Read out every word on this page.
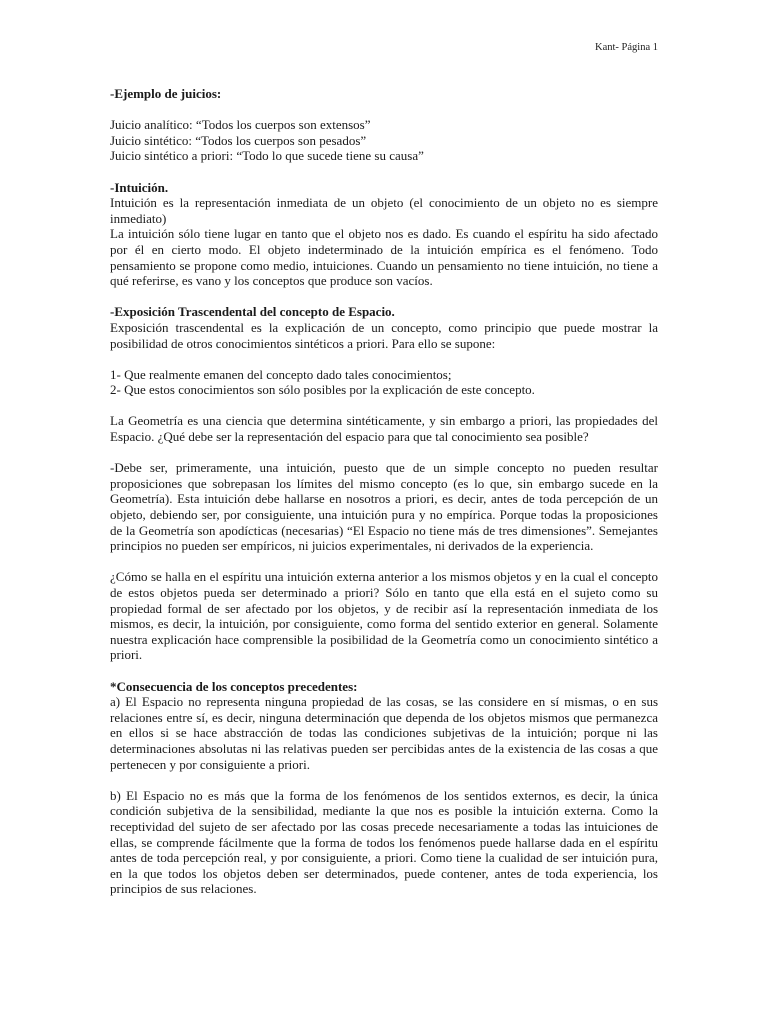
Kant- Página 1

-Ejemplo de juicios:

Juicio analítico: “Todos los cuerpos son extensos”

Juicio sintético: “Todos los cuerpos son pesados”

Juicio sintético a priori: “Todo lo que sucede tiene su causa”

-Intuición.

Intuición es la representación inmediata de un objeto (el conocimiento de un objeto no es siempre inmediato)

La intuición sólo tiene lugar en tanto que el objeto nos es dado. Es cuando el espíritu ha sido afectado por él en cierto modo. El objeto indeterminado de la intuición empírica es el fenómeno. Todo pensamiento se propone como medio, intuiciones. Cuando un pensamiento no tiene intuición, no tiene a qué referirse, es vano y los conceptos que produce son vacíos.

-Exposición Trascendental del concepto de Espacio.

Exposición trascendental es la explicación de un concepto, como principio que puede mostrar la posibilidad de otros conocimientos sintéticos a priori. Para ello se supone:

1- Que realmente emanen del concepto dado tales conocimientos;

2- Que estos conocimientos son sólo posibles por la explicación de este concepto.

La Geometría es una ciencia que determina sintéticamente, y sin embargo a priori, las propiedades del Espacio. ¿Qué debe ser la representación del espacio para que tal conocimiento sea posible?

-Debe ser, primeramente, una intuición, puesto que de un simple concepto no pueden resultar proposiciones que sobrepasan los límites del mismo concepto (es lo que, sin embargo sucede en la Geometría). Esta intuición debe hallarse en nosotros a priori, es decir, antes de toda percepción de un objeto, debiendo ser, por consiguiente, una intuición pura y no empírica. Porque todas la proposiciones de la Geometría son apodícticas (necesarias) “El Espacio no tiene más de tres dimensiones”. Semejantes principios no pueden ser empíricos, ni juicios experimentales, ni derivados de la experiencia.

¿Cómo se halla en el espíritu una intuición externa anterior a los mismos objetos y en la cual el concepto de estos objetos pueda ser determinado a priori? Sólo en tanto que ella está en el sujeto como su propiedad formal de ser afectado por los objetos, y de recibir así la representación inmediata de los mismos, es decir, la intuición, por consiguiente, como forma del sentido exterior en general. Solamente nuestra explicación hace comprensible la posibilidad de la Geometría como un conocimiento sintético a priori.

*Consecuencia de los conceptos precedentes:

a) El Espacio no representa ninguna propiedad de las cosas, se las considere en sí mismas, o en sus relaciones entre sí, es decir, ninguna determinación que dependa de los objetos mismos que permanezca en ellos si se hace abstracción de todas las condiciones subjetivas de la intuición; porque ni las determinaciones absolutas ni las relativas pueden ser percibidas antes de la existencia de las cosas a que pertenecen y por consiguiente a priori.

b) El Espacio no es más que la forma de los fenómenos de los sentidos externos, es decir, la única condición subjetiva de la sensibilidad, mediante la que nos es posible la intuición externa. Como la receptividad del sujeto de ser afectado por las cosas precede necesariamente a todas las intuiciones de ellas, se comprende fácilmente que la forma de todos los fenómenos puede hallarse dada en el espíritu antes de toda percepción real, y por consiguiente, a priori. Como tiene la cualidad de ser intuición pura, en la que todos los objetos deben ser determinados, puede contener, antes de toda experiencia, los principios de sus relaciones.
